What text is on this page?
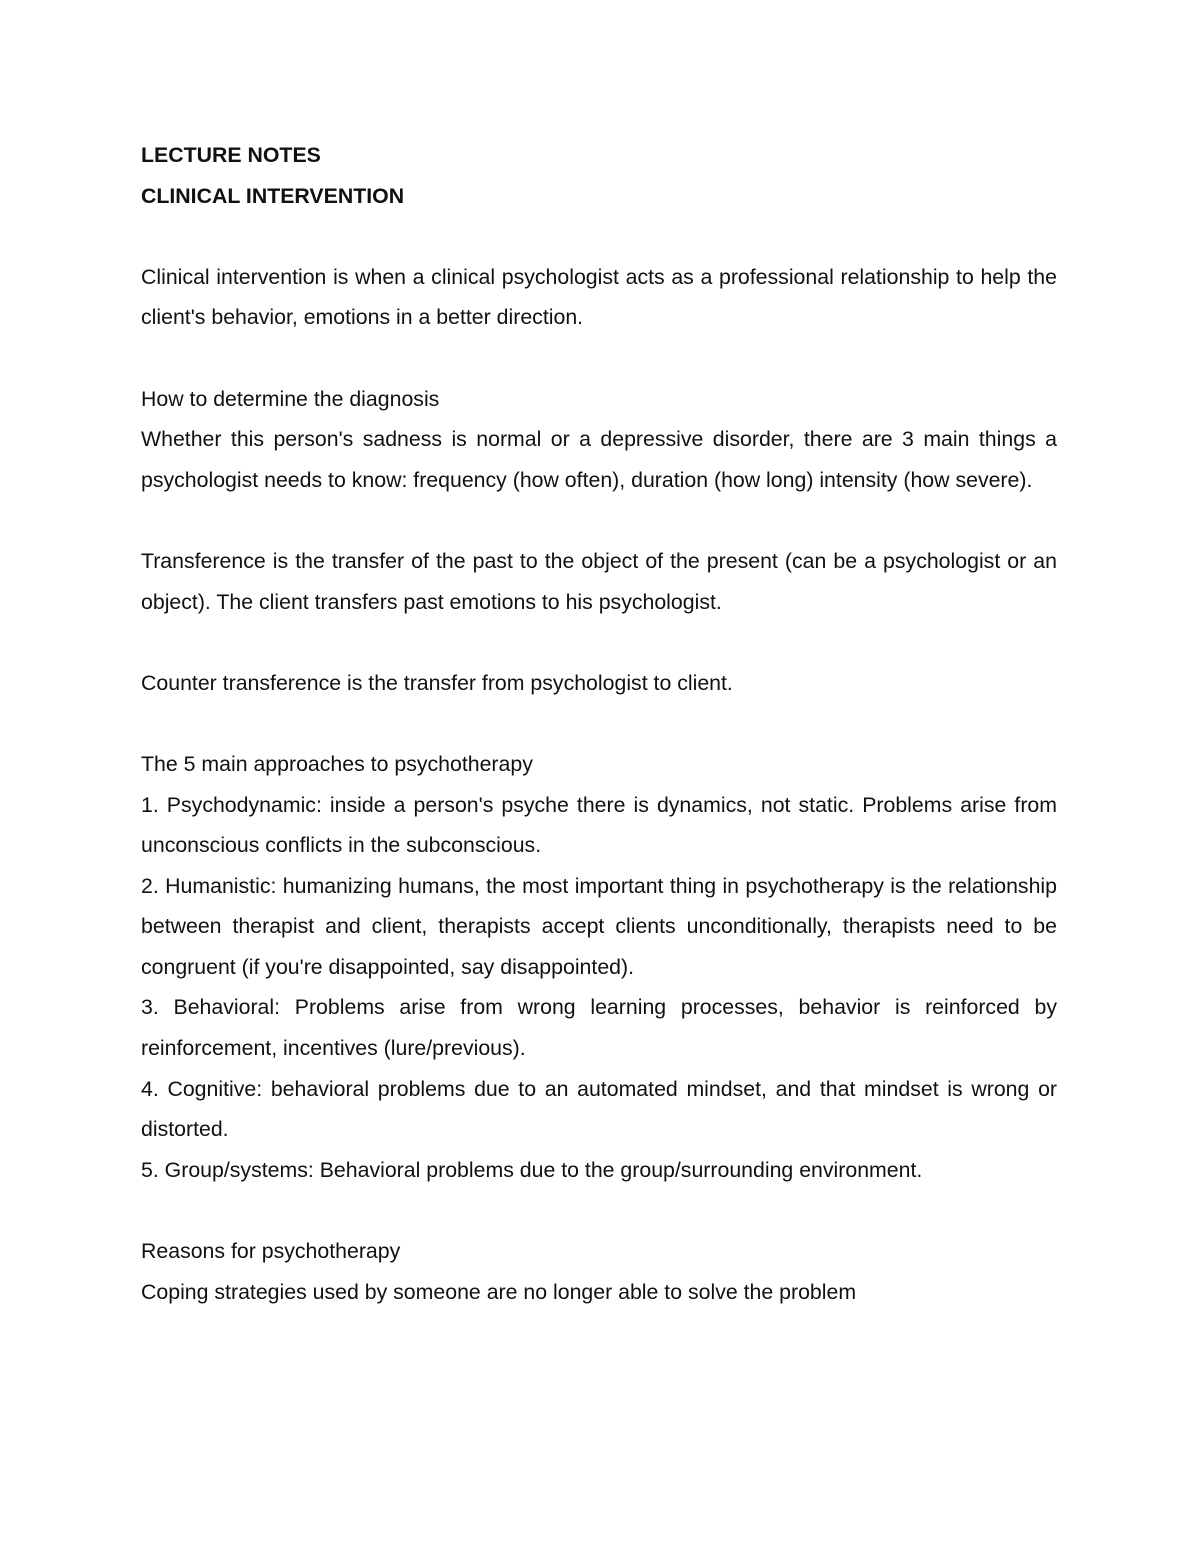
LECTURE NOTES

CLINICAL INTERVENTION

Clinical intervention is when a clinical psychologist acts as a professional relationship to help the client's behavior, emotions in a better direction.

How to determine the diagnosis

Whether this person's sadness is normal or a depressive disorder, there are 3 main things a psychologist needs to know: frequency (how often), duration (how long) intensity (how severe).

Transference is the transfer of the past to the object of the present (can be a psychologist or an object). The client transfers past emotions to his psychologist.

Counter transference is the transfer from psychologist to client.

The 5 main approaches to psychotherapy

1. Psychodynamic: inside a person's psyche there is dynamics, not static. Problems arise from unconscious conflicts in the subconscious.

2. Humanistic: humanizing humans, the most important thing in psychotherapy is the relationship between therapist and client, therapists accept clients unconditionally, therapists need to be congruent (if you're disappointed, say disappointed).

3. Behavioral: Problems arise from wrong learning processes, behavior is reinforced by reinforcement, incentives (lure/previous).

4. Cognitive: behavioral problems due to an automated mindset, and that mindset is wrong or distorted.

5. Group/systems: Behavioral problems due to the group/surrounding environment.

Reasons for psychotherapy

Coping strategies used by someone are no longer able to solve the problem
